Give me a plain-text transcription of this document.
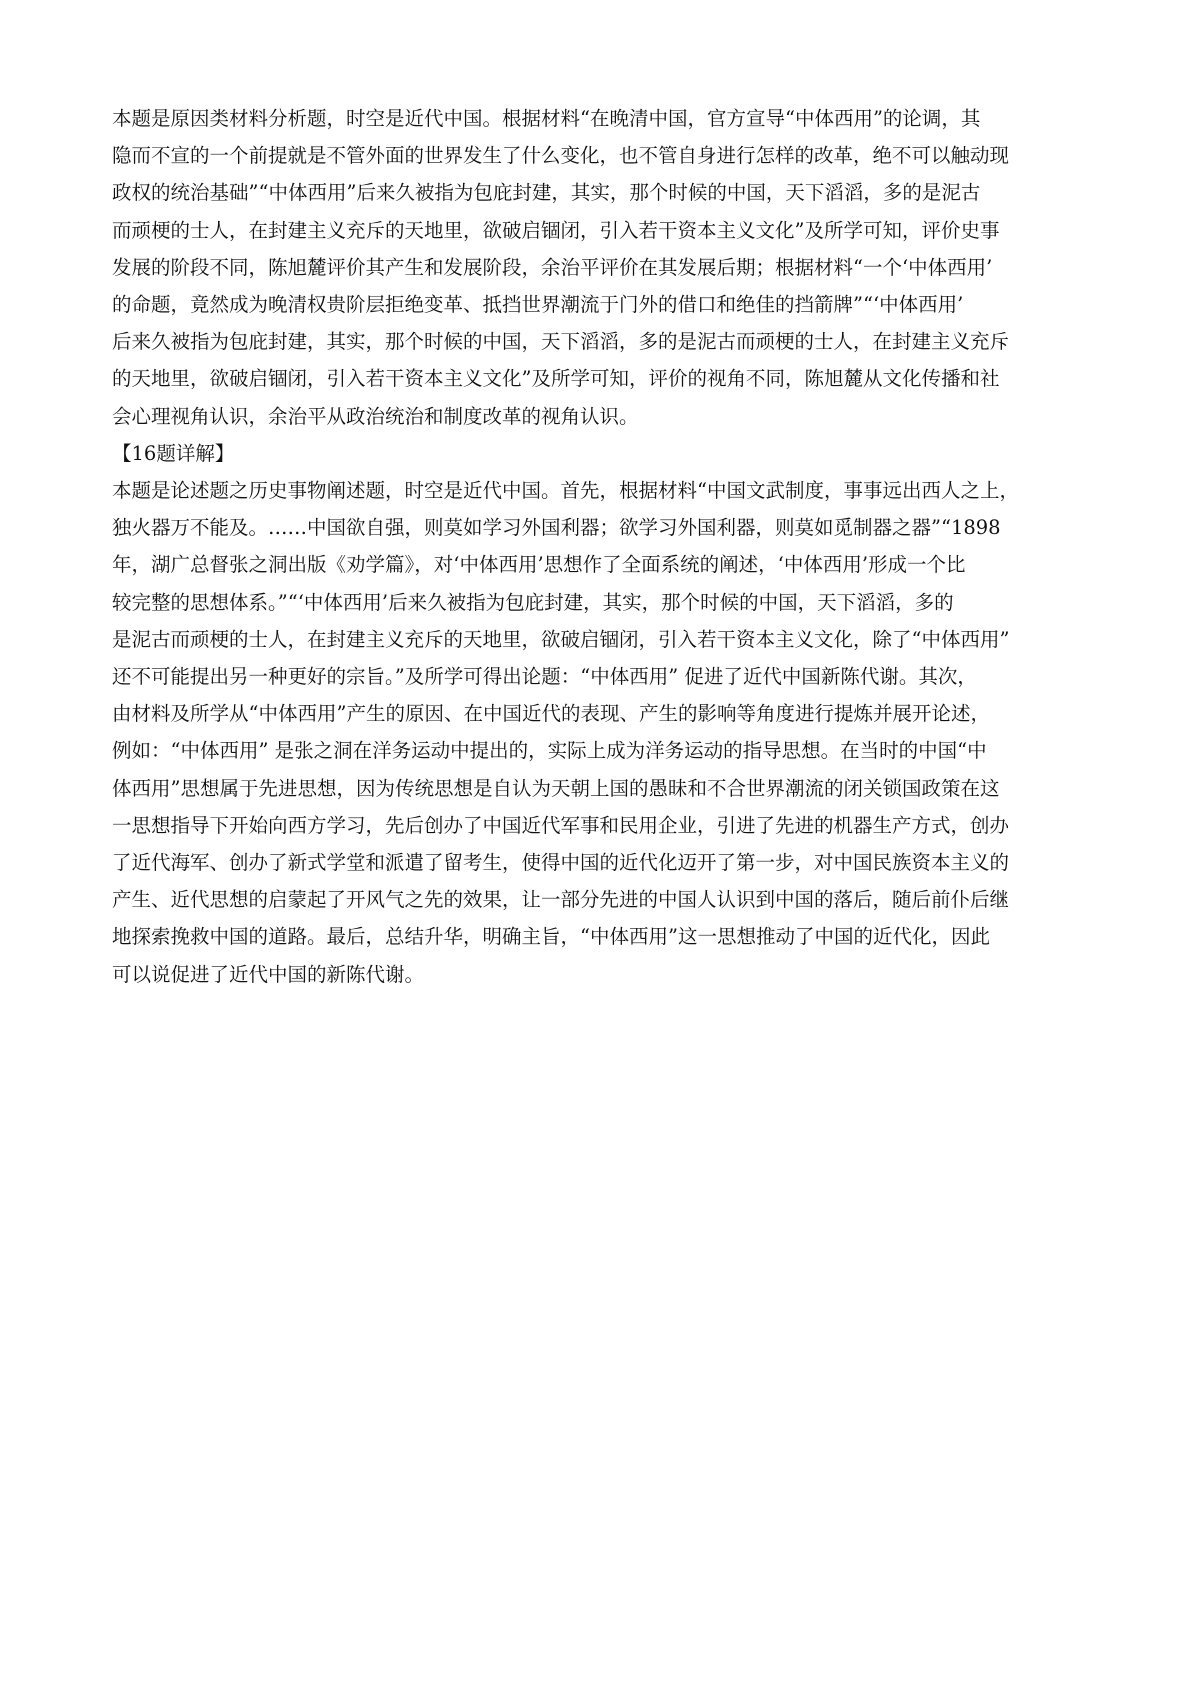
本题是原因类材料分析题，时空是近代中国。根据材料“在晚清中国，官方宣导“中体西用”的论调，其
隐而不宣的一个前提就是不管外面的世界发生了什么变化，也不管自身进行怎样的改革，绝不可以触动现
政权的统治基础”“中体西用”后来久被指为包庇封建，其实，那个时候的中国，天下滔滔，多的是泥古
而顽梗的士人，在封建主义充斥的天地里，欲破启锢闭，引入若干资本主义文化”及所学可知，评价史事
发展的阶段不同，陈旭麓评价其产生和发展阶段，余治平评价在其发展后期；根据材料“一个‘中体西用’
的命题，竟然成为晚清权贵阶层拒绝变革、抵挡世界潮流于门外的借口和绝佳的挡箭牌”“‘中体西用’
后来久被指为包庇封建，其实，那个时候的中国，天下滔滔，多的是泥古而顽梗的士人，在封建主义充斥
的天地里，欲破启锢闭，引入若干资本主义文化”及所学可知，评价的视角不同，陈旭麓从文化传播和社
会心理视角认识，余治平从政治统治和制度改革的视角认识。
【16题详解】
本题是论述题之历史事物阐述题，时空是近代中国。首先，根据材料“中国文武制度，事事远出西人之上，
独火器万不能及。……中国欲自强，则莫如学习外国利器；欲学习外国利器，则莫如觅制器之器”“1898
年，湖广总督张之洞出版《劝学篇》，对‘中体西用’思想作了全面系统的阐述，‘中体西用’形成一个比
较完整的思想体系。”“‘中体西用’后来久被指为包庇封建，其实，那个时候的中国，天下滔滔，多的
是泥古而顽梗的士人，在封建主义充斥的天地里，欲破启锢闭，引入若干资本主义文化，除了“中体西用”
还不可能提出另一种更好的宗旨。”及所学可得出论题：“中体西用” 促进了近代中国新陈代谢。其次，
由材料及所学从“中体西用”产生的原因、在中国近代的表现、产生的影响等角度进行提炼并展开论述，
例如：“中体西用” 是张之洞在洋务运动中提出的，实际上成为洋务运动的指导思想。在当时的中国“中
体西用”思想属于先进思想，因为传统思想是自认为天朝上国的愚昧和不合世界潮流的闭关锁国政策在这
一思想指导下开始向西方学习，先后创办了中国近代军事和民用企业，引进了先进的机器生产方式，创办
了近代海军、创办了新式学堂和派遣了留考生，使得中国的近代化迈开了第一步，对中国民族资本主义的
产生、近代思想的启蒙起了开风气之先的效果，让一部分先进的中国人认识到中国的落后，随后前仆后继
地探索挽救中国的道路。最后，总结升华，明确主旨，“中体西用”这一思想推动了中国的近代化，因此
可以说促进了近代中国的新陈代谢。
